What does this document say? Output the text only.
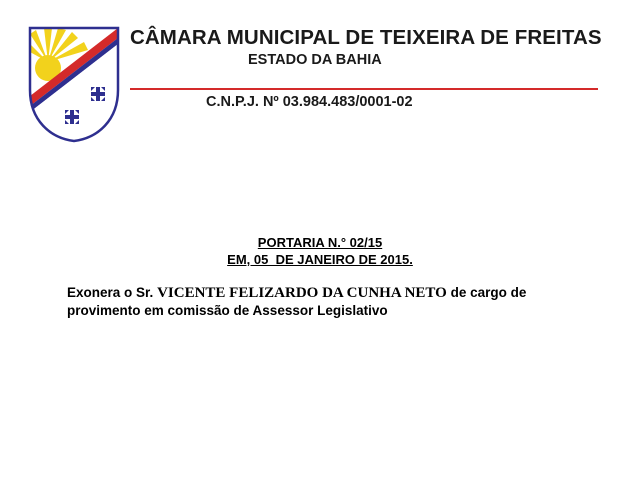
CÂMARA MUNICIPAL DE TEIXEIRA DE FREITAS
ESTADO DA BAHIA
C.N.P.J. Nº 03.984.483/0001-02
PORTARIA N.° 02/15
EM, 05  DE JANEIRO DE 2015.
Exonera o Sr. VICENTE FELIZARDO DA CUNHA NETO de cargo de provimento em comissão de Assessor Legislativo
